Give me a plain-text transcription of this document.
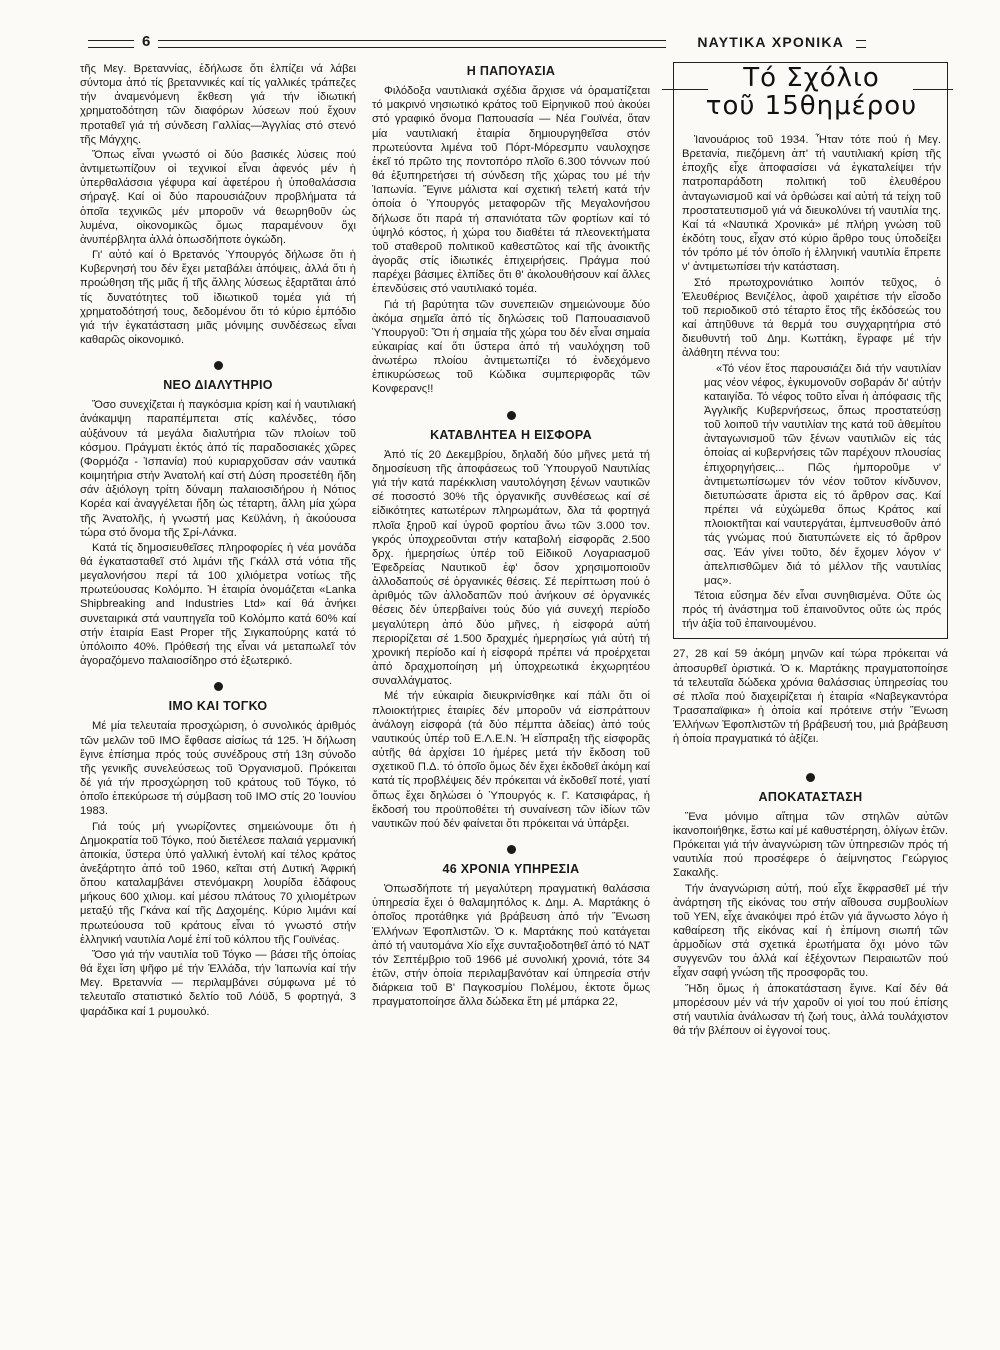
6	ΝΑΥΤΙΚΑ ΧΡΟΝΙΚΑ

τῆς Μεγ. Βρεταννίας, ἐδήλωσε ὅτι ἐλπίζει νά λάβει σύντομα ἀπό τίς βρεταννικές καί τίς γαλλικές τράπεζες τήν ἀναμενόμενη ἔκθεση γιά τήν ἰδιωτική χρηματοδότηση τῶν διαφόρων λύσεων πού ἔχουν προταθεῖ γιά τή σύνδεση Γαλλίας—Ἀγγλίας στό στενό τῆς Μάγχης.

Ὅπως εἶναι γνωστό οἱ δύο βασικές λύσεις πού ἀντιμετωπίζουν οἱ τεχνικοί εἶναι ἀφενός μέν ἡ ὑπερθαλάσσια γέφυρα καί ἀφετέρου ἡ ὑποθαλάσσια σήραγξ. Καί οἱ δύο παρουσιάζουν προβλήματα τά ὁποῖα τεχνικῶς μέν μποροῦν νά θεωρηθοῦν ὡς λυμένα, οἰκονομικῶς ὅμως παραμένουν ὄχι ἀνυπέρβλητα ἀλλά ὁπωσδήποτε ὀγκώδη.

Γι' αὐτό καί ὁ Βρετανός Ὑπουργός δήλωσε ὅτι ἡ Κυβερνησή του δέν ἔχει μεταβάλει ἀπόψεις, ἀλλά ὅτι ἡ προώθηση τῆς μιᾶς ἤ τῆς ἄλλης λύσεως ἐξαρτᾶται ἀπό τίς δυνατότητες τοῦ ἰδιωτικοῦ τομέα γιά τή χρηματοδότησή τους, δεδομένου ὅτι τό κύριο ἐμπόδιο γιά τήν ἐγκατάσταση μιᾶς μόνιμης συνδέσεως εἶναι καθαρῶς οἰκονομικό.

ΝΕΟ ΔΙΑΛΥΤΗΡΙΟ

Ὅσο συνεχίζεται ἡ παγκόσμια κρίση καί ἡ ναυτιλιακή ἀνάκαμψη παραπέμπεται στίς καλένδες, τόσο αὐξάνουν τά μεγάλα διαλυτήρια τῶν πλοίων τοῦ κόσμου. Πράγματι ἐκτός ἀπό τίς παραδοσιακές χῶρες (Φορμόζα - Ἱσπανία) πού κυριαρχοῦσαν σάν ναυτικά κοιμητήρια στήν Ἀνατολή καί στή Δύση προσετέθη ἤδη σάν ἀξιόλογη τρίτη δύναμη παλαιοσιδήρου ἡ Νότιος Κορέα καί ἀναγγέλεται ἤδη ὡς τέταρτη, ἄλλη μία χώρα τῆς Ἀνατολῆς, ἡ γνωστή μας Κεϋλάνη, ἡ ἀκούουσα τώρα στό ὄνομα τῆς Σρί-Λάνκα.

Κατά τίς δημοσιευθεῖσες πληροφορίες ἡ νέα μονάδα θά ἐγκατασταθεῖ στό λιμάνι τῆς Γκάλλ στά νότια τῆς μεγαλονήσου περί τά 100 χιλιόμετρα νοτίως τῆς πρωτεύουσας Κολόμπο. Ἡ ἑταιρία ὀνομάζεται «Lanka Shipbreaking and Industries Ltd» καί θά ἀνήκει συνεταιρικά στά ναυπηγεῖα τοῦ Κολόμπο κατά 60% καί στήν ἑταιρία East Proper τῆς Σιγκαπούρης κατά τό ὑπόλοιπο 40%. Πρόθεσή της εἶναι νά μεταπωλεῖ τόν ἀγοραζόμενο παλαιοσίδηρο στό ἐξωτερικό.

IMO ΚΑΙ ΤΟΓΚΟ

Μέ μία τελευταία προσχώριση, ὁ συνολικός ἀριθμός τῶν μελῶν τοῦ IMO ἔφθασε αἰσίως τά 125. Ἡ δήλωση ἔγινε ἐπίσημα πρός τούς συνέδρους στή 13η σύνοδο τῆς γενικῆς συνελεύσεως τοῦ Ὀργανισμοῦ. Πρόκειται δέ γιά τήν προσχώρηση τοῦ κράτους τοῦ Τόγκο, τό ὁποῖο ἐπεκύρωσε τή σύμβαση τοῦ IMO στίς 20 Ἰουνίου 1983.

Γιά τούς μή γνωρίζοντες σημειώνουμε ὅτι ἡ Δημοκρατία τοῦ Τόγκο, πού διετέλεσε παλαιά γερμανική ἀποικία, ὕστερα ὑπό γαλλική ἐντολή καί τέλος κράτος ἀνεξάρτητο ἀπό τοῦ 1960, κεῖται στή Δυτική Ἀφρική ὅπου καταλαμβάνει στενόμακρη λουρίδα ἐδάφους μήκους 600 χιλιομ. καί μέσου πλάτους 70 χιλιομέτρων μεταξύ τῆς Γκάνα καί τῆς Δαχομέης. Κύριο λιμάνι καί πρωτεύουσα τοῦ κράτους εἶναι τό γνωστό στήν ἑλληνική ναυτιλία Λομέ ἐπί τοῦ κόλπου τῆς Γουϊνέας.

Ὅσο γιά τήν ναυτιλία τοῦ Τόγκο — βάσει τῆς ὁποίας θά ἔχει ἴση ψῆφο μέ τήν Ἑλλάδα, τήν Ἰαπωνία καί τήν Μεγ. Βρεταννία — περιλαμβάνει σύμφωνα μέ τό τελευταῖο στατιστικό δελτίο τοῦ Λόϋδ, 5 φορτηγά, 3 ψαράδικα καί 1 ρυμουλκό.

Η ΠΑΠΟΥΑΣΙΑ

Φιλόδοξα ναυτιλιακά σχέδια ἄρχισε νά ὁραματίζεται τό μακρινό νησιωτικό κράτος τοῦ Εἰρηνικοῦ πού ἀκούει στό γραφικό ὄνομα Παπουασία — Νέα Γουϊνέα, ὅταν μία ναυτιλιακή ἑταιρία δημιουργηθεῖσα στόν πρωτεύοντα λιμένα τοῦ Πόρτ-Μόρεσμπυ ναυλοχησε ἐκεῖ τό πρῶτο της ποντοπόρο πλοῖο 6.300 τόννων πού θά ἐξυπηρετήσει τή σύνδεση τῆς χώρας του μέ τήν Ἰαπωνία. Ἔγινε μάλιστα καί σχετική τελετή κατά τήν ὁποία ὁ Ὑπουργός μεταφορῶν τῆς Μεγαλονήσου δήλωσε ὅτι παρά τή σπανιότατα τῶν φορτίων καί τό ὑψηλό κόστος, ἡ χώρα του διαθέτει τά πλεονεκτήματα τοῦ σταθεροῦ πολιτικοῦ καθεστῶτος καί τῆς ἀνοικτῆς ἀγορᾶς στίς ἰδιωτικές ἐπιχειρήσεις. Πράγμα πού παρέχει βάσιμες ἐλπίδες ὅτι θ' ἀκολουθήσουν καί ἄλλες ἐπενδύσεις στό ναυτιλιακό τομέα.

Γιά τή βαρύτητα τῶν συνεπειῶν σημειώνουμε δύο ἀκόμα σημεῖα ἀπό τίς δηλώσεις τοῦ Παπουασιανοῦ Ὑπουργοῦ: Ὅτι ἡ σημαία τῆς χώρα του δέν εἶναι σημαία εὐκαιρίας καί ὅτι ὕστερα ἀπό τή ναυλόχηση τοῦ ἀνωτέρω πλοίου ἀντιμετωπίζει τό ἐνδεχόμενο ἐπικυρώσεως τοῦ Κώδικα συμπεριφορᾶς τῶν Κονφερανς!!

ΚΑΤΑΒΛΗΤΕΑ Η ΕΙΣΦΟΡΑ

Ἀπό τίς 20 Δεκεμβρίου, δηλαδή δύο μῆνες μετά τή δημοσίευση τῆς ἀποφάσεως τοῦ Ὑπουργοῦ Ναυτιλίας γιά τήν κατά παρέκκλιση ναυτολόγηση ξένων ναυτικῶν σέ ποσοστό 30% τῆς ὀργανικῆς συνθέσεως καί σέ εἰδικότητες κατωτέρων πληρωμάτων, δλα τά φορτηγά πλοῖα ξηροῦ καί ὑγροῦ φορτίου ἄνω τῶν 3.000 τον. γκρός ὑποχρεοῦνται στήν καταβολή εἰσφορᾶς 2.500 δρχ. ἡμερησίως ὑπέρ τοῦ Εἰδικοῦ Λογαριασμοῦ Ἐφεδρείας Ναυτικοῦ ἐφ' ὅσον χρησιμοποιοῦν ἀλλοδαπούς σέ ὀργανικές θέσεις. Σέ περίπτωση πού ὁ ἀριθμός τῶν ἀλλοδαπῶν πού ἀνήκουν σέ ὀργανικές θέσεις δέν ὑπερβαίνει τούς δύο γιά συνεχή περίοδο μεγαλύτερη ἀπό δύο μῆνες, ἡ εἰσφορά αὐτή περιορίζεται σέ 1.500 δραχμές ἡμερησίως γιά αὐτή τή χρονική περίοδο καί ἡ εἰσφορά πρέπει νά προέρχεται ἀπό δραχμοποίηση μή ὑποχρεωτικά ἐκχωρητέου συναλλάγματος.

Μέ τήν εὐκαιρία διευκρινίσθηκε καί πάλι ὅτι οἱ πλοιοκτήτριες ἑταιρίες δέν μποροῦν νά εἰσπράττουν ἀνάλογη εἰσφορά (τά δύο πέμπτα ἀδείας) ἀπό τούς ναυτικούς ὑπέρ τοῦ Ε.Λ.Ε.Ν. Ἡ εἴσπραξη τῆς εἰσφορᾶς αὐτῆς θά ἀρχίσει 10 ἡμέρες μετά τήν ἔκδοση τοῦ σχετικοῦ Π.Δ. τό ὁποῖο ὅμως δέν ἔχει ἐκδοθεῖ ἀκόμη καί κατά τίς προβλέψεις δέν πρόκειται νά ἐκδοθεῖ ποτέ, γιατί ὅπως ἔχει δηλώσει ὁ Ὑπουργός κ. Γ. Κατσιφάρας, ἡ ἔκδοσή του προϋποθέτει τή συναίνεση τῶν ἰδίων τῶν ναυτικῶν πού δέν φαίνεται ὅτι πρόκειται νά ὑπάρξει.

46 ΧΡΟΝΙΑ ΥΠΗΡΕΣΙΑ

Ὁπωσδήποτε τή μεγαλύτερη πραγματική θαλάσσια ὑπηρεσία ἔχει ὁ θαλαμηπόλος κ. Δημ. Α. Μαρτάκης ὁ ὁποῖος προτάθηκε γιά βράβευση ἀπό τήν Ἕνωση Ἑλλήνων Ἐφοπλιστῶν. Ὁ κ. Μαρτάκης πού κατάγεται ἀπό τή ναυτομάνα Χίο εἶχε συνταξιοδοτηθεῖ ἀπό τό NAT τόν Σεπτέμβριο τοῦ 1966 μέ συνολική χρονιά, τότε 34 ἐτῶν, στήν ὁποία περιλαμβανόταν καί ὑπηρεσία στήν διάρκεια τοῦ Β' Παγκοσμίου Πολέμου, ἐκτοτε ὅμως πραγματοποίησε ἄλλα δώδεκα ἔτη μέ μπάρκα 22,

Τό Σχόλιο
τοῦ 15θημέρου

Ἰανουάριος τοῦ 1934. Ἦταν τότε πού ἡ Μεγ. Βρετανία, πιεζόμενη ἀπ' τή ναυτιλιακή κρίση τῆς ἐποχῆς εἶχε ἀποφασίσει νά ἐγκαταλείψει τήν πατροπαράδοτη πολιτική τοῦ ἐλευθέρου ἀνταγωνισμοῦ καί νά ὀρθώσει καί αὐτή τά τείχη τοῦ προστατευτισμοῦ γιά νά διευκολύνει τή ναυτιλία της. Καί τά «Ναυτικά Χρονικά» μέ πλήρη γνώση τοῦ ἐκδότη τους, εἶχαν στό κύριο ἄρθρο τους ὑποδείξει τόν τρόπο μέ τόν ὁποῖο ἡ ἑλληνική ναυτιλία ἔπρεπε ν' ἀντιμετωπίσει τήν κατάσταση.

Στό πρωτοχρονιάτικο λοιπόν τεῦχος, ὁ Ἐλευθέριος Βενιζέλος, ἀφοῦ χαιρέτισε τήν εἴσοδο τοῦ περιοδικοῦ στό τέταρτο ἔτος τῆς ἐκδόσεώς του καί ἀπηῦθυνε τά θερμά του συγχαρητήρια στό διευθυντή τοῦ Δημ. Κωττάκη, ἔγραφε μέ τήν ἀλάθητη πέννα του:

«Τό νέον ἔτος παρουσιάζει διά τήν ναυτιλίαν μας νέον νέφος, ἐγκυμονοῦν σοβαράν δι' αὐτήν καταιγίδα. Τό νέφος τοῦτο εἶναι ἡ ἀπόφασις τῆς Ἀγγλικῆς Κυβερνήσεως, ὅπως προστατεύσῃ τοῦ λοιποῦ τήν ναυτιλίαν της κατά τοῦ ἀθεμίτου ἀνταγωνισμοῦ τῶν ξένων ναυτιλιῶν εἰς τάς ὁποίας αἱ κυβερνήσεις τῶν παρέχουν πλουσίας ἐπιχορηγήσεις... Πῶς ἠμποροῦμε ν' ἀντιμετωπίσωμεν τόν νέον τοῦτον κίνδυνον, διετυπώσατε ἄριστα εἰς τό ἄρθρον σας. Καί πρέπει νά εὐχώμεθα ὅπως Κράτος καί πλοιοκτῆται καί ναυτεργάται, ἐμπνευσθοῦν ἀπό τάς γνώμας πού διατυπώνετε εἰς τό ἄρθρον σας. Ἐάν γίνει τοῦτο, δέν ἔχομεν λόγον ν' ἀπελπισθῶμεν διά τό μέλλον τῆς ναυτιλίας μας».

Τέτοια εὔσημα δέν εἶναι συνηθισμένα. Οὔτε ὡς πρός τή ἀνάστημα τοῦ ἐπαινοῦντος οὔτε ὡς πρός τήν ἀξία τοῦ ἐπαινουμένου.

27, 28 καί 59 ἀκόμη μηνῶν καί τώρα πρόκειται νά ἀποσυρθεῖ ὁριστικά. Ὁ κ. Μαρτάκης πραγματοποίησε τά τελευταῖα δώδεκα χρόνια θαλάσσιας ὑπηρεσίας του σέ πλοῖα πού διαχειρίζεται ἡ ἑταιρία «Ναβεγκαντόρα Τρασαπαϊφικα» ἡ ὁποία καί πρότεινε στήν Ἕνωση Ἑλλήνων Ἐφοπλιστῶν τή βράβευσή του, μιά βράβευση ἡ ὁποία πραγματικά τό ἀξίζει.

ΑΠΟΚΑΤΑΣΤΑΣΗ

Ἕνα μόνιμο αἴτημα τῶν στηλῶν αὐτῶν ἱκανοποιήθηκε, ἔστω καί μέ καθυστέρηση, ὀλίγων ἐτῶν. Πρόκειται γιά τήν ἀναγνώριση τῶν ὑπηρεσιῶν πρός τή ναυτιλία πού προσέφερε ὁ ἀείμνηστος Γεώργιος Σακαλῆς.

Τήν ἀναγνώριση αὐτή, πού εἶχε ἔκφρασθεῖ μέ τήν ἀνάρτηση τῆς εἰκόνας του στήν αἴθουσα συμβουλίων τοῦ ΥΕΝ, εἶχε ἀνακόψει πρό ἐτῶν γιά ἄγνωστο λόγο ἡ καθαίρεση τῆς εἰκόνας καί ἡ ἐπίμονη σιωπή τῶν ἁρμοδίων στά σχετικά ἐρωτήματα ὄχι μόνο τῶν συγγενῶν του ἀλλά καί ἐξέχοντων Πειραιωτῶν πού εἶχαν σαφή γνώση τῆς προσφορᾶς του.

Ἤδη ὅμως ἡ ἀποκατάσταση ἔγινε. Καί δέν θά μπορέσουν μέν νά τήν χαροῦν οἱ γιοί του πού ἐπίσης στή ναυτιλία ἀνάλωσαν τή ζωή τους, ἀλλά τουλάχιστον θά τήν βλέπουν οἱ ἐγγονοί τους.
